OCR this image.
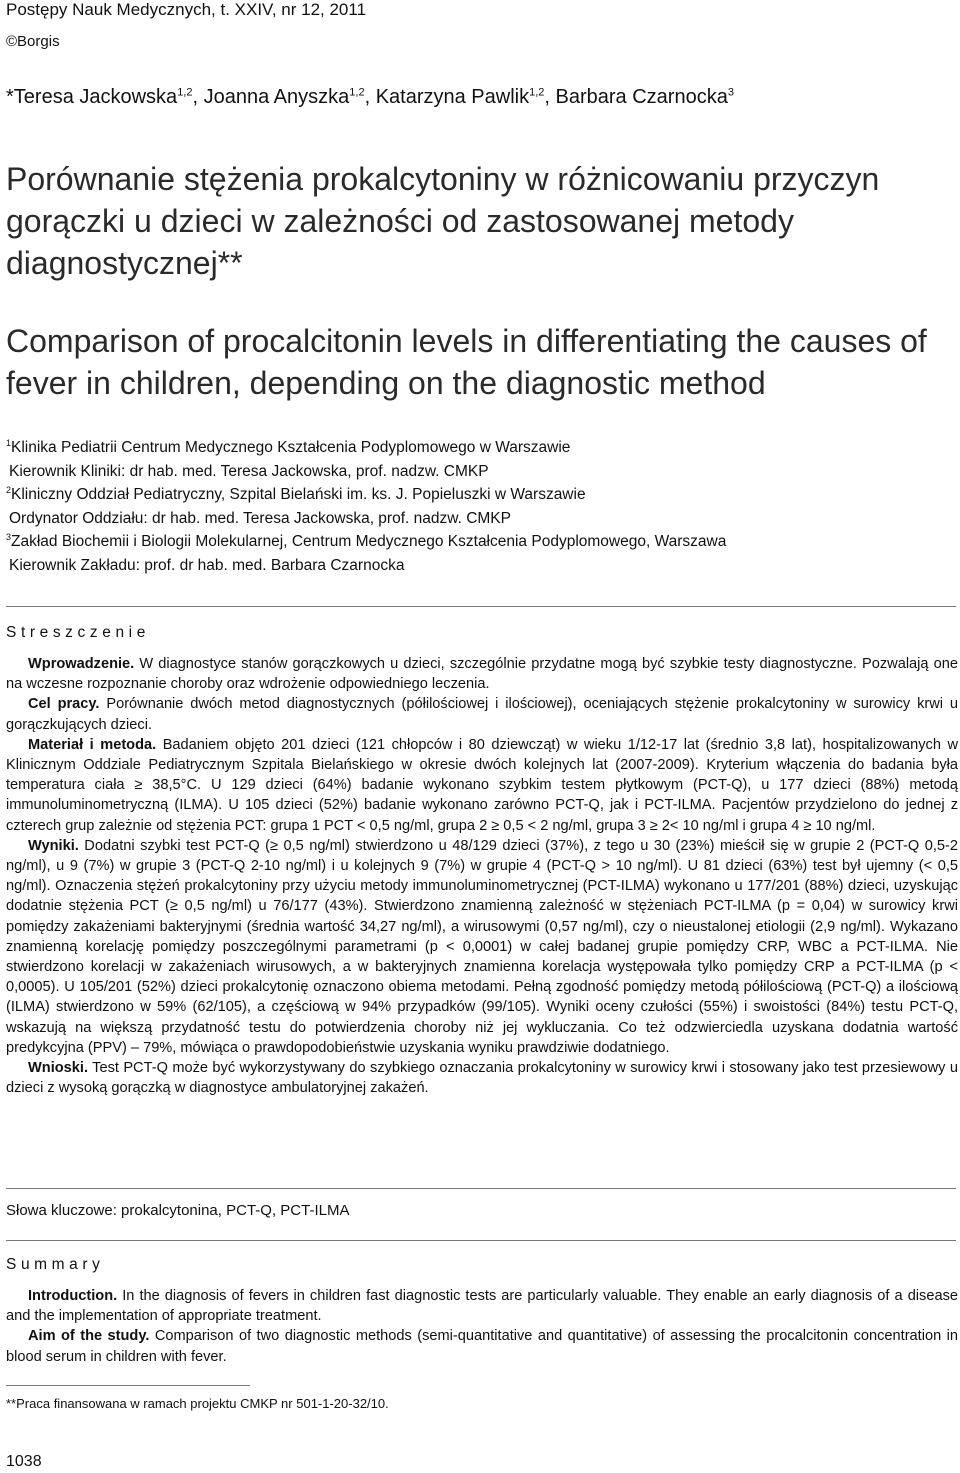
Postępy Nauk Medycznych, t. XXIV, nr 12, 2011
©Borgis
*Teresa Jackowska$^{1,2}$, Joanna Anyszka$^{1,2}$, Katarzyna Pawlik$^{1,2}$, Barbara Czarnocka$^3$
Porównanie stężenia prokalcytoniny w różnicowaniu przyczyn gorączki u dzieci w zależności od zastosowanej metody diagnostycznej**
Comparison of procalcitonin levels in differentiating the causes of fever in children, depending on the diagnostic method
$^1$Klinika Pediatrii Centrum Medycznego Kształcenia Podyplomowego w Warszawie
Kierownik Kliniki: dr hab. med. Teresa Jackowska, prof. nadzw. CMKP
$^2$Kliniczny Oddział Pediatryczny, Szpital Bielański im. ks. J. Popieluszki w Warszawie
Ordynator Oddziału: dr hab. med. Teresa Jackowska, prof. nadzw. CMKP
$^3$Zakład Biochemii i Biologii Molekularnej, Centrum Medycznego Kształcenia Podyplomowego, Warszawa
Kierownik Zakładu: prof. dr hab. med. Barbara Czarnocka
Streszczenie

Wprowadzenie. W diagnostyce stanów gorączkowych u dzieci, szczególnie przydatne mogą być szybkie testy diagnostyczne. Pozwalają one na wczesne rozpoznanie choroby oraz wdrożenie odpowiedniego leczenia.

Cel pracy. Porównanie dwóch metod diagnostycznych (półilościowej i ilościowej), oceniających stężenie prokalcytoniny w surowicy krwi u gorączkujących dzieci.

Materiał i metoda. Badaniem objęto 201 dzieci (121 chłopców i 80 dziewcząt) w wieku 1/12-17 lat (średnio 3,8 lat), hospitalizowanych w Klinicznym Oddziale Pediatrycznym Szpitala Bielańskiego w okresie dwóch kolejnych lat (2007-2009). Kryterium włączenia do badania była temperatura ciała ≥ 38,5°C. U 129 dzieci (64%) badanie wykonano szybkim testem płytkowym (PCT-Q), u 177 dzieci (88%) metodą immunoluminometryczną (ILMA). U 105 dzieci (52%) badanie wykonano zarówno PCT-Q, jak i PCT-ILMA. Pacjentów przydzielono do jednej z czterech grup zależnie od stężenia PCT: grupa 1 PCT < 0,5 ng/ml, grupa 2 ≥ 0,5 < 2 ng/ml, grupa 3 ≥ 2< 10 ng/ml i grupa 4 ≥ 10 ng/ml.

Wyniki. Dodatni szybki test PCT-Q (≥ 0,5 ng/ml) stwierdzono u 48/129 dzieci (37%), z tego u 30 (23%) mieścił się w grupie 2 (PCT-Q 0,5-2 ng/ml), u 9 (7%) w grupie 3 (PCT-Q 2-10 ng/ml) i u kolejnych 9 (7%) w grupie 4 (PCT-Q > 10 ng/ml). U 81 dzieci (63%) test był ujemny (< 0,5 ng/ml). Oznaczenia stężeń prokalcytoniny przy użyciu metody immunoluminometrycznej (PCT-ILMA) wykonano u 177/201 (88%) dzieci, uzyskując dodatnie stężenia PCT (≥ 0,5 ng/ml) u 76/177 (43%). Stwierdzono znamienną zależność w stężeniach PCT-ILMA (p = 0,04) w surowicy krwi pomiędzy zakażeniami bakteryjnymi (średnia wartość 34,27 ng/ml), a wirusowymi (0,57 ng/ml), czy o nieustalonej etiologii (2,9 ng/ml). Wykazano znamienną korelację pomiędzy poszczególnymi parametrami (p < 0,0001) w całej badanej grupie pomiędzy CRP, WBC a PCT-ILMA. Nie stwierdzono korelacji w zakażeniach wirusowych, a w bakteryjnych znamienna korelacja występowała tylko pomiędzy CRP a PCT-ILMA (p < 0,0005). U 105/201 (52%) dzieci prokalcytonię oznaczono obiema metodami. Pełną zgodność pomiędzy metodą półilościową (PCT-Q) a ilościową (ILMA) stwierdzono w 59% (62/105), a częściową w 94% przypadków (99/105). Wyniki oceny czułości (55%) i swoistości (84%) testu PCT-Q, wskazują na większą przydatność testu do potwierdzenia choroby niż jej wykluczania. Co też odzwierciedla uzyskana dodatnia wartość predykcyjna (PPV) – 79%, mówiąca o prawdopodobieństwie uzyskania wyniku prawdziwie dodatniego.

Wnioski. Test PCT-Q może być wykorzystywany do szybkiego oznaczania prokalcytoniny w surowicy krwi i stosowany jako test przesiewowy u dzieci z wysoką gorączką w diagnostyce ambulatoryjnej zakażeń.

Słowa kluczowe: prokalcytonina, PCT-Q, PCT-ILMA
Summary

Introduction. In the diagnosis of fevers in children fast diagnostic tests are particularly valuable. They enable an early diagnosis of a disease and the implementation of appropriate treatment.

Aim of the study. Comparison of two diagnostic methods (semi-quantitative and quantitative) of assessing the procalcitonin concentration in blood serum in children with fever.

**Praca finansowana w ramach projektu CMKP nr 501-1-20-32/10.
1038
